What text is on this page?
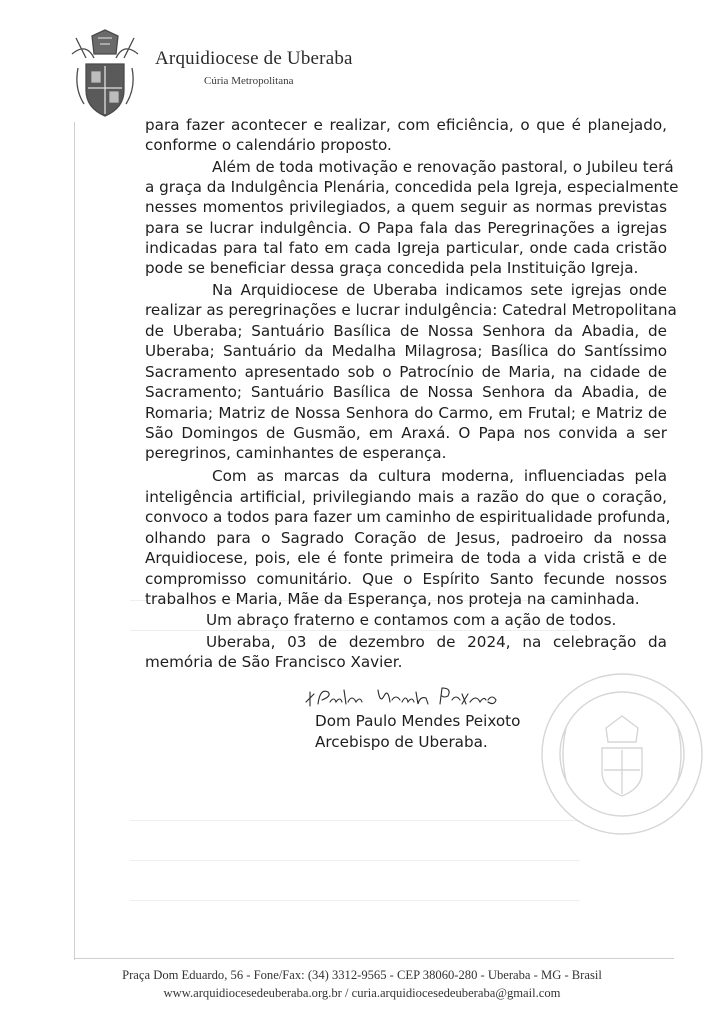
Arquidiocese de Uberaba
Cúria Metropolitana
para fazer acontecer e realizar, com eficiência, o que é planejado,
conforme o calendário proposto.
Além de toda motivação e renovação pastoral, o Jubileu terá
a graça da Indulgência Plenária, concedida pela Igreja, especialmente
nesses momentos privilegiados, a quem seguir as normas previstas
para se lucrar indulgência. O Papa fala das Peregrinações a igrejas
indicadas para tal fato em cada Igreja particular, onde cada cristão
pode se beneficiar dessa graça concedida pela Instituição Igreja.
Na Arquidiocese de Uberaba indicamos sete igrejas onde
realizar as peregrinações e lucrar indulgência: Catedral Metropolitana
de Uberaba; Santuário Basílica de Nossa Senhora da Abadia, de
Uberaba; Santuário da Medalha Milagrosa; Basílica do Santíssimo
Sacramento apresentado sob o Patrocínio de Maria, na cidade de
Sacramento; Santuário Basílica de Nossa Senhora da Abadia, de
Romaria; Matriz de Nossa Senhora do Carmo, em Frutal; e Matriz de
São Domingos de Gusmão, em Araxá. O Papa nos convida a ser
peregrinos, caminhantes de esperança.
Com as marcas da cultura moderna, influenciadas pela
inteligência artificial, privilegiando mais a razão do que o coração,
convoco a todos para fazer um caminho de espiritualidade profunda,
olhando para o Sagrado Coração de Jesus, padroeiro da nossa
Arquidiocese, pois, ele é fonte primeira de toda a vida cristã e de
compromisso comunitário. Que o Espírito Santo fecunde nossos
trabalhos e Maria, Mãe da Esperança, nos proteja na caminhada.
Um abraço fraterno e contamos com a ação de todos.
Uberaba, 03 de dezembro de 2024, na celebração da
memória de São Francisco Xavier.
Dom Paulo Mendes Peixoto
Arcebispo de Uberaba.
Praça Dom Eduardo, 56 - Fone/Fax: (34) 3312-9565 - CEP 38060-280 - Uberaba - MG - Brasil
www.arquidiocesedeuberaba.org.br / curia.arquidiocesedeuberaba@gmail.com
